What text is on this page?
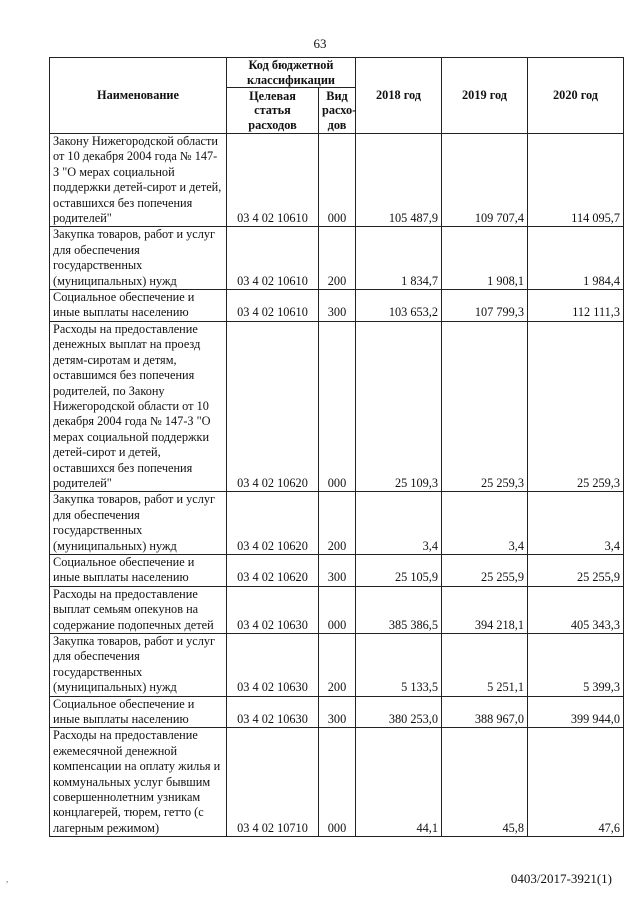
63
Наименование	Код бюджетной классификации		2018 год	2019 год	2020 год
	Целевая статья расходов	Вид расхо-дов			
Закону Нижегородской области от 10 декабря 2004 года № 147-З "О мерах социальной поддержки детей-сирот и детей, оставшихся без попечения родителей"	03 4 02 10610	000	105 487,9	109 707,4	114 095,7
Закупка товаров, работ и услуг для обеспечения государственных (муниципальных) нужд	03 4 02 10610	200	1 834,7	1 908,1	1 984,4
Социальное обеспечение и иные выплаты населению	03 4 02 10610	300	103 653,2	107 799,3	112 111,3
Расходы на предоставление денежных выплат на проезд детям-сиротам и детям, оставшимся без попечения родителей, по Закону Нижегородской области от 10 декабря 2004 года № 147-З "О мерах социальной поддержки детей-сирот и детей, оставшихся без попечения родителей"	03 4 02 10620	000	25 109,3	25 259,3	25 259,3
Закупка товаров, работ и услуг для обеспечения государственных (муниципальных) нужд	03 4 02 10620	200	3,4	3,4	3,4
Социальное обеспечение и иные выплаты населению	03 4 02 10620	300	25 105,9	25 255,9	25 255,9
Расходы на предоставление выплат семьям опекунов на содержание подопечных детей	03 4 02 10630	000	385 386,5	394 218,1	405 343,3
Закупка товаров, работ и услуг для обеспечения государственных (муниципальных) нужд	03 4 02 10630	200	5 133,5	5 251,1	5 399,3
Социальное обеспечение и иные выплаты населению	03 4 02 10630	300	380 253,0	388 967,0	399 944,0
Расходы на предоставление ежемесячной денежной компенсации на оплату жилья и коммунальных услуг бывшим совершеннолетним узникам концлагерей, тюрем, гетто (с лагерным режимом)	03 4 02 10710	000	44,1	45,8	47,6
0403/2017-3921(1)
,
